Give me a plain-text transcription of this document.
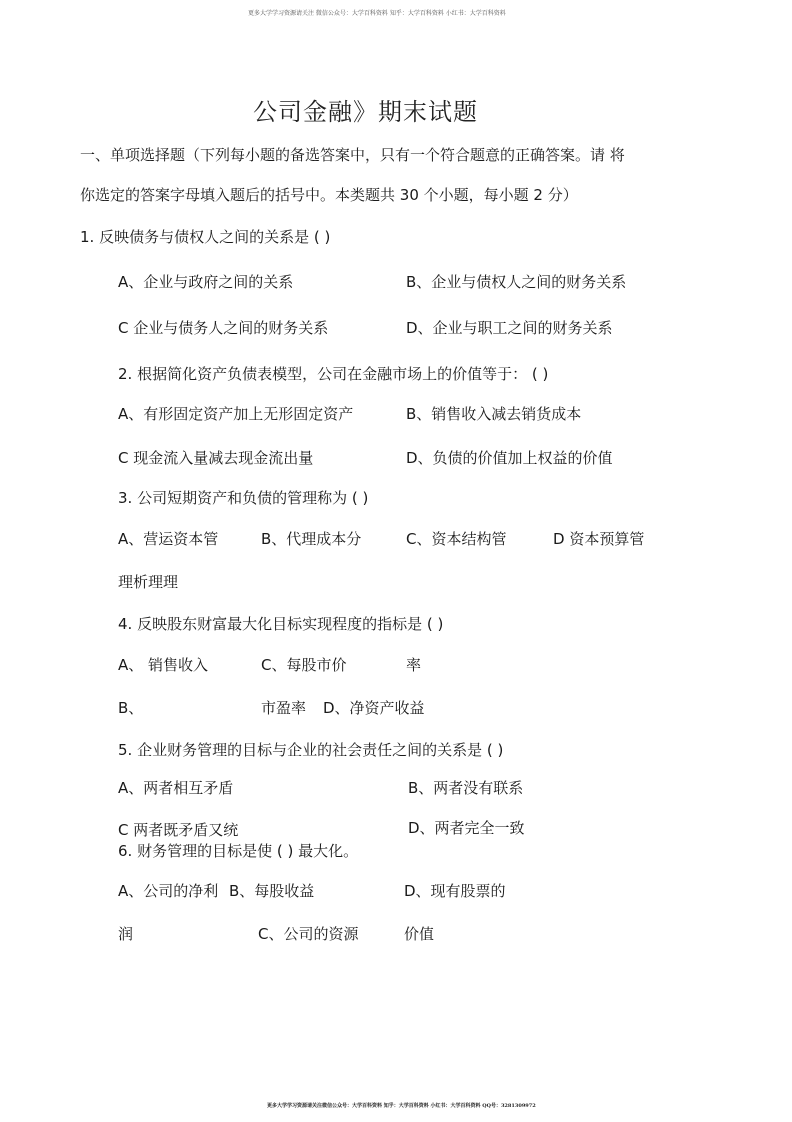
更多大学学习资源请关注 微信公众号：大学百科资料 知乎：大学百科资料 小红书：大学百科资料
公司金融》期末试题
一、单项选择题（下列每小题的备选答案中，只有一个符合题意的正确答案。请 将
你选定的答案字母填入题后的括号中。本类题共 30 个小题，每小题 2 分）
1. 反映债务与债权人之间的关系是 ( )
A、企业与政府之间的关系	B、企业与债权人之间的财务关系
C 企业与债务人之间的财务关系	D、企业与职工之间的财务关系
2. 根据简化资产负债表模型，公司在金融市场上的价值等于： ( )
A、有形固定资产加上无形固定资产	B、销售收入减去销货成本
C 现金流入量减去现金流出量	D、负债的价值加上权益的价值
3. 公司短期资产和负债的管理称为 ( )
A、营运资本管	B、代理成本分	C、资本结构管	D 资本预算管
理析理理
4. 反映股东财富最大化目标实现程度的指标是 ( )
A、 销售收入	C、每股市价	率
B、	市盈率 D、净资产收益
5. 企业财务管理的目标与企业的社会责任之间的关系是 ( )
A、两者相互矛盾	B、两者没有联系
C 两者既矛盾又统	D、两者完全一致
6. 财务管理的目标是使 ( ) 最大化。
A、公司的净利 B、每股收益	D、现有股票的
润	C、公司的资源	价值
更多大学学习资源请关注微信公众号：大学百科资料 知乎：大学百科资料 小红书：大学百科资料 QQ号：3281309972
